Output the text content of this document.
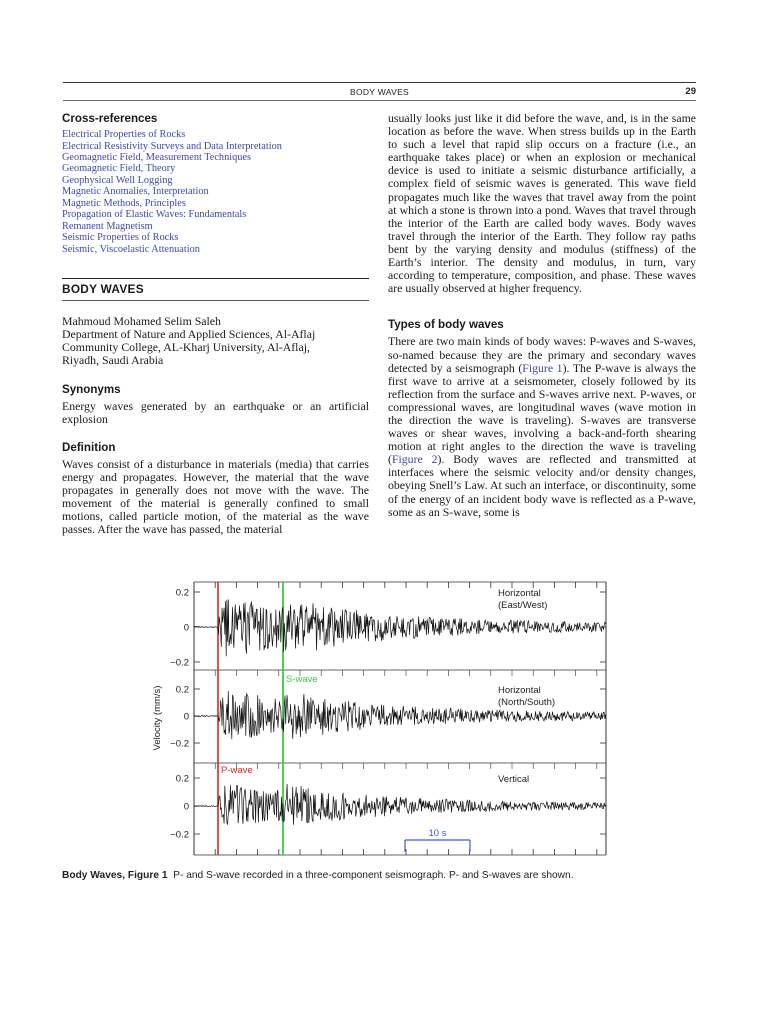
BODY WAVES	29
Cross-references
Electrical Properties of Rocks
Electrical Resistivity Surveys and Data Interpretation
Geomagnetic Field, Measurement Techniques
Geomagnetic Field, Theory
Geophysical Well Logging
Magnetic Anomalies, Interpretation
Magnetic Methods, Principles
Propagation of Elastic Waves: Fundamentals
Remanent Magnetism
Seismic Properties of Rocks
Seismic, Viscoelastic Attenuation
BODY WAVES
Mahmoud Mohamed Selim Saleh
Department of Nature and Applied Sciences, Al-Aflaj
Community College, AL-Kharj University, Al-Aflaj,
Riyadh, Saudi Arabia
Synonyms

Energy waves generated by an earthquake or an artificial explosion

Definition

Waves consist of a disturbance in materials (media) that carries energy and propagates. However, the material that the wave propagates in generally does not move with the wave. The movement of the material is generally confined to small motions, called particle motion, of the material as the wave passes. After the wave has passed, the material

usually looks just like it did before the wave, and, is in the same location as before the wave. When stress builds up in the Earth to such a level that rapid slip occurs on a fracture (i.e., an earthquake takes place) or when an explosion or mechanical device is used to initiate a seismic disturbance artificially, a complex field of seismic waves is generated. This wave field propagates much like the waves that travel away from the point at which a stone is thrown into a pond. Waves that travel through the interior of the Earth are called body waves. Body waves travel through the interior of the Earth. They follow ray paths bent by the varying density and modulus (stiffness) of the Earth’s interior. The density and modulus, in turn, vary according to temperature, composition, and phase. These waves are usually observed at higher frequency.

Types of body waves

There are two main kinds of body waves: P-waves and S-waves, so-named because they are the primary and secondary waves detected by a seismograph (Figure 1). The P-wave is always the first wave to arrive at a seismometer, closely followed by its reflection from the surface and S-waves arrive next. P-waves, or compressional waves, are longitudinal waves (wave motion in the direction the wave is traveling). S-waves are transverse waves or shear waves, involving a back-and-forth shearing motion at right angles to the direction the wave is traveling (Figure 2). Body waves are reflected and transmitted at interfaces where the seismic velocity and/or density changes, obeying Snell’s Law. At such an interface, or discontinuity, some of the energy of an incident body wave is reflected as a P-wave, some as an S-wave, some is

0.2
0
−0.2
0.2
0
−0.2
0.2
0
−0.2
Velocity (mm/s)
Horizontal
(East/West)
Horizontal
(North/South)
Vertical
S-wave
P-wave
10 s
Body Waves, Figure 1 P- and S-wave recorded in a three-component seismograph. P- and S-waves are shown.
